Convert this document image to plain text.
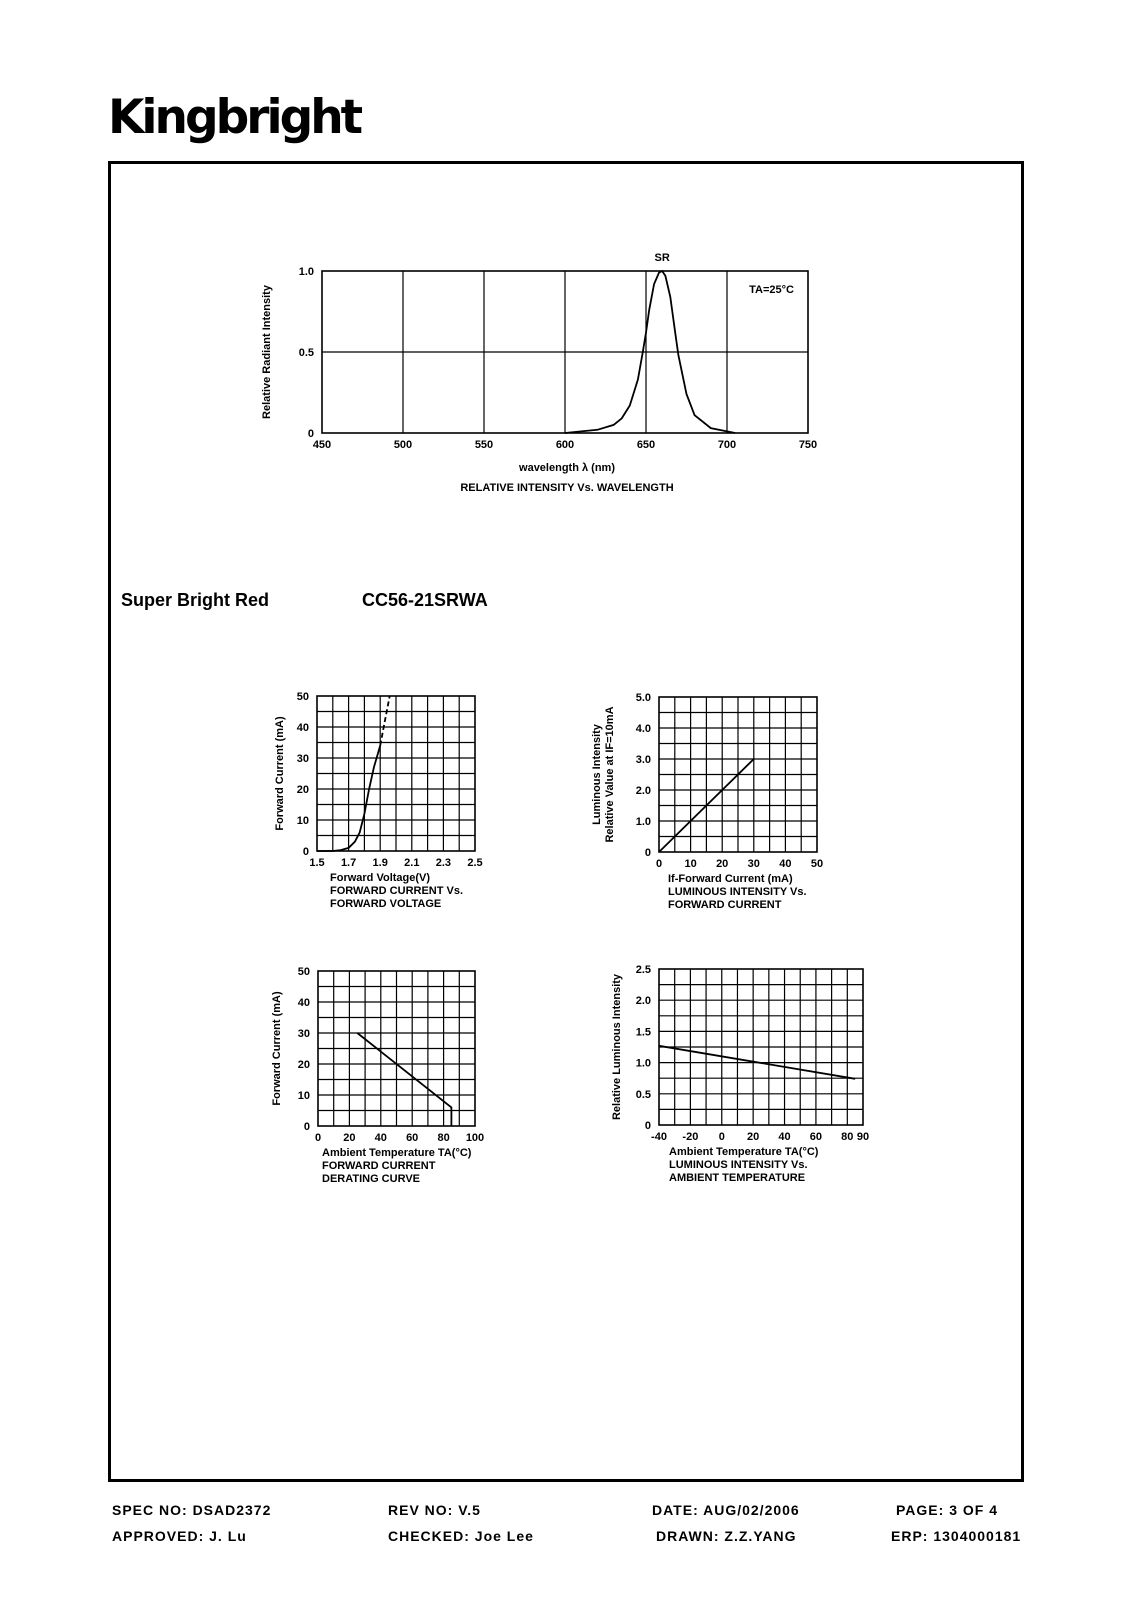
Kingbright
450	500	550	600	650	700	750
0
0.5
1.0
wavelength λ (nm)
RELATIVE INTENSITY Vs. WAVELENGTH
Relative Radiant Intensity
SR
TA=25°C
1.5 1.7 1.9 2.1 2.3 2.5
0
10
20
30
40
50
Forward Voltage(V)
FORWARD CURRENT Vs. FORWARD VOLTAGE
Forward Current (mA)
0 10 20 30 40 50
0
1.0
2.0
3.0
4.0
5.0
If-Forward Current (mA)
LUMINOUS INTENSITY Vs. FORWARD CURRENT
Luminous Intensity Relative Value at IF=10mA
0 20 40 60 80 100
0
10
20
30
40
50
Ambient Temperature TA(°C)
FORWARD CURRENT DERATING CURVE
Forward Current (mA)
-40 -20 0 20 40 60 80 90
0
0.5
1.0
1.5
2.0
2.5
Ambient Temperature TA(°C)
LUMINOUS INTENSITY Vs. AMBIENT TEMPERATURE
Relative Luminous Intensity
Super Bright Red	CC56-21SRWA
SPEC NO: DSAD2372	REV NO: V.5	DATE: AUG/02/2006	PAGE: 3 OF 4
APPROVED: J. Lu	CHECKED: Joe Lee	DRAWN: Z.Z.YANG	ERP: 1304000181
